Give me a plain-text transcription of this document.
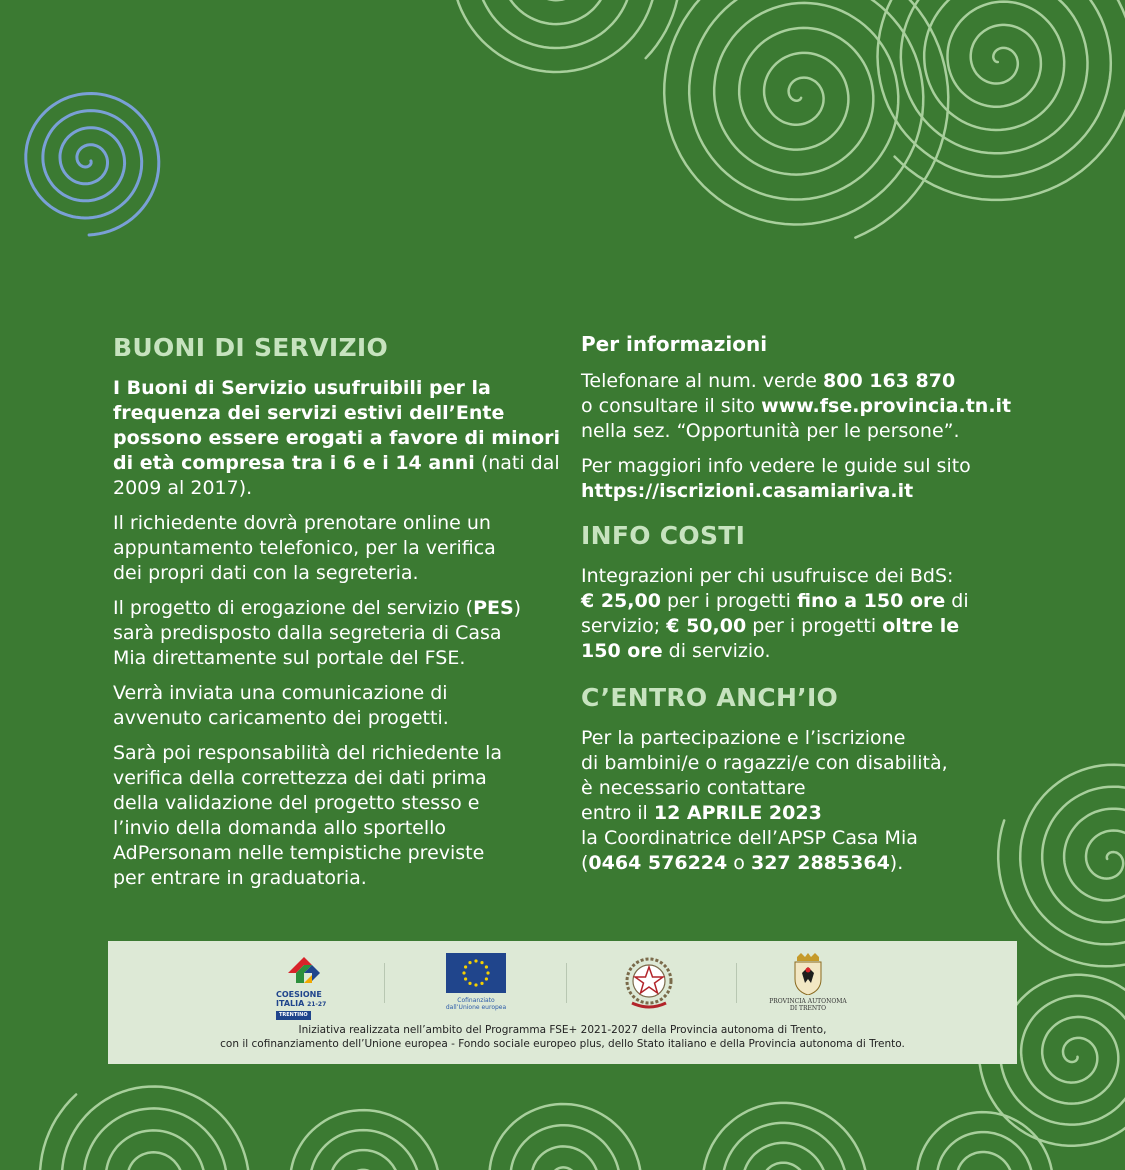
BUONI DI SERVIZIO

I Buoni di Servizio usufruibili per la
frequenza dei servizi estivi dell’Ente
possono essere erogati a favore di minori
di età compresa tra i 6 e i 14 anni (nati dal
2009 al 2017).

Il richiedente dovrà prenotare online un
appuntamento telefonico, per la verifica
dei propri dati con la segreteria.

Il progetto di erogazione del servizio (PES)
sarà predisposto dalla segreteria di Casa
Mia direttamente sul portale del FSE.

Verrà inviata una comunicazione di
avvenuto caricamento dei progetti.

Sarà poi responsabilità del richiedente la
verifica della correttezza dei dati prima
della validazione del progetto stesso e
l’invio della domanda allo sportello
AdPersonam nelle tempistiche previste
per entrare in graduatoria.

Per informazioni

Telefonare al num. verde 800 163 870
o consultare il sito www.fse.provincia.tn.it
nella sez. “Opportunità per le persone”.

Per maggiori info vedere le guide sul sito
https://iscrizioni.casamiariva.it

INFO COSTI

Integrazioni per chi usufruisce dei BdS:
€ 25,00 per i progetti fino a 150 ore di
servizio; € 50,00 per i progetti oltre le
150 ore di servizio.

C’ENTRO ANCH’IO

Per la partecipazione e l’iscrizione
di bambini/e o ragazzi/e con disabilità,
è necessario contattare
entro il 12 APRILE 2023
la Coordinatrice dell’APSP Casa Mia
(0464 576224 o 327 2885364).

COESIONE
ITALIA 21-27
TRENTINO
Cofinanziato
dall’Unione europea
PROVINCIA AUTONOMA
DI TRENTO
Iniziativa realizzata nell’ambito del Programma FSE+ 2021-2027 della Provincia autonoma di Trento,
con il cofinanziamento dell’Unione europea - Fondo sociale europeo plus, dello Stato italiano e della Provincia autonoma di Trento.
